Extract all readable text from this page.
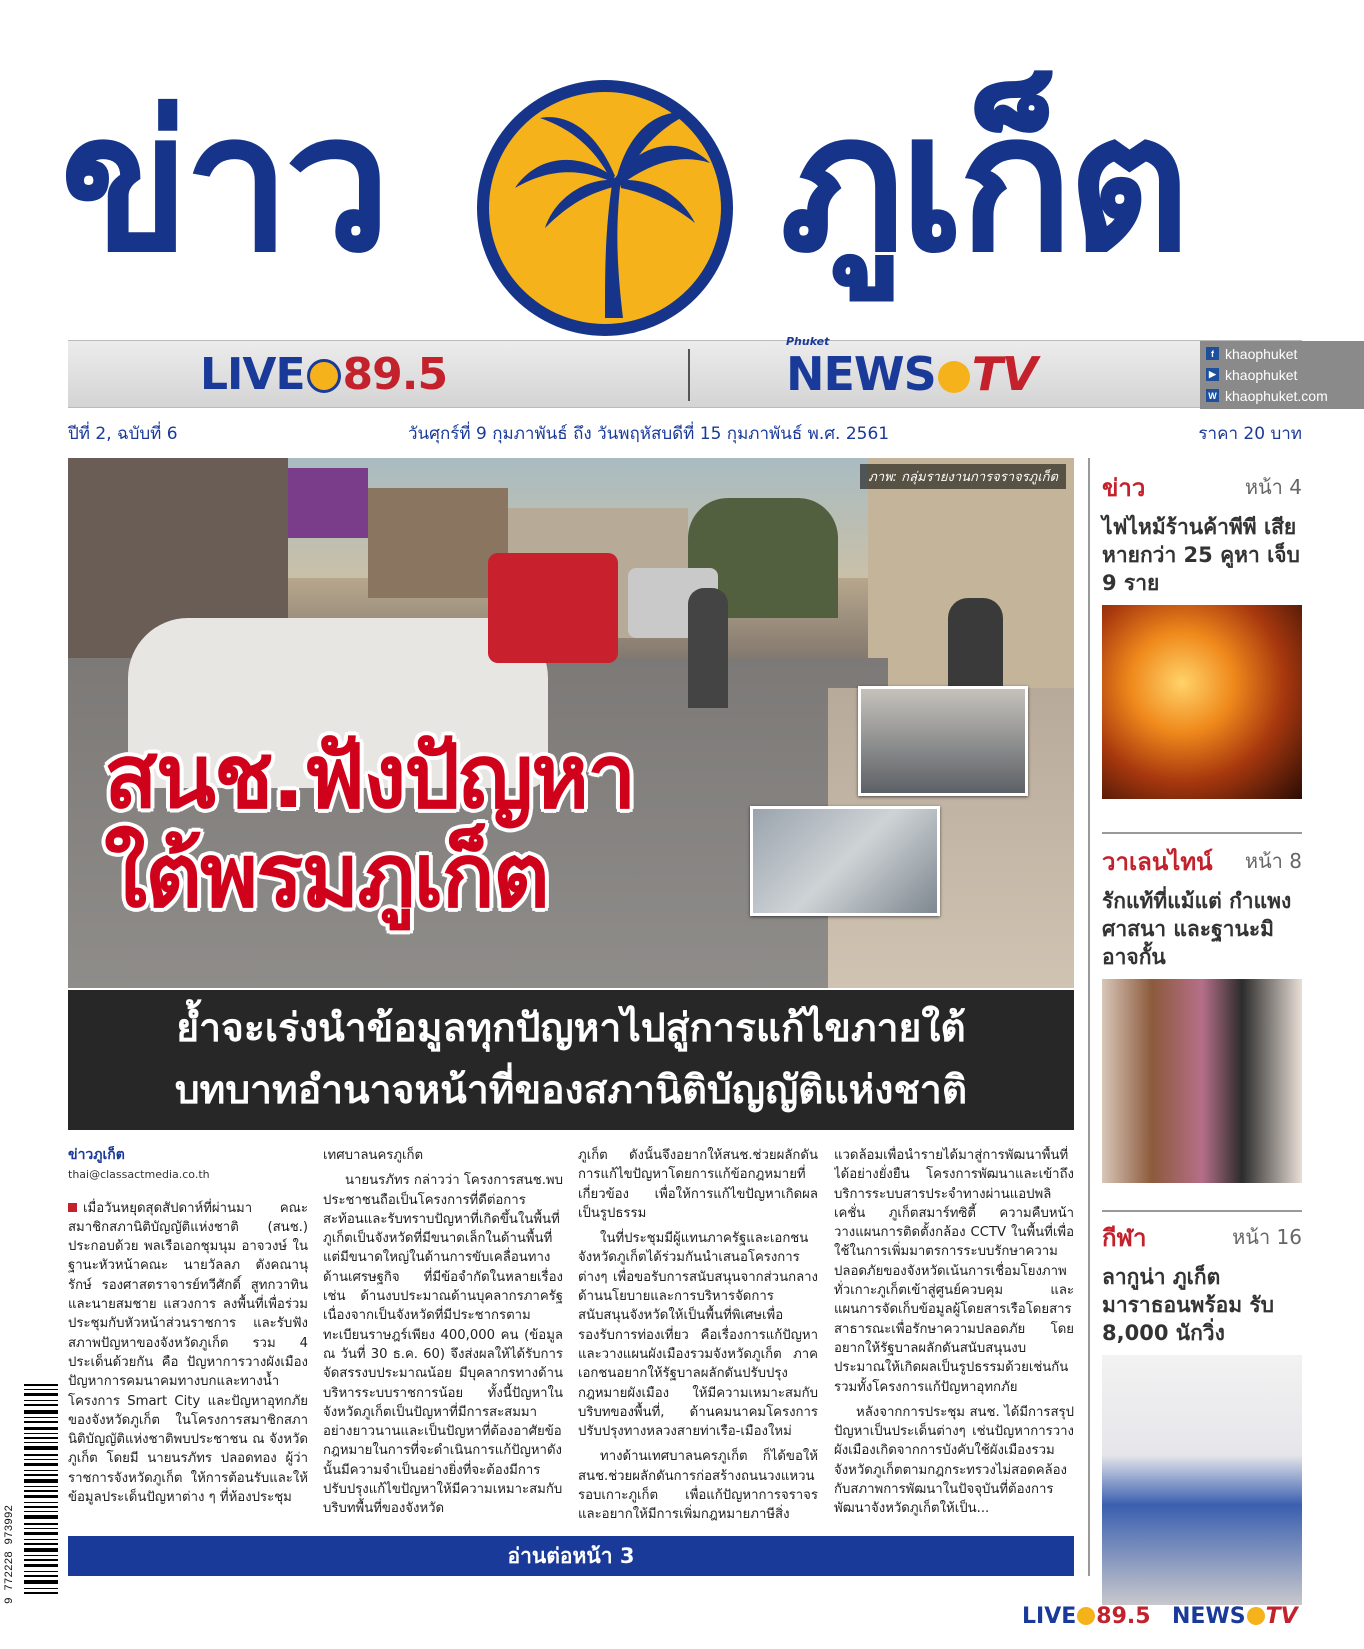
ข่าว ภูเก็ต
LIVE 89.5
Phuket
NEWS TV	f khaophuket
▶ khaophuket
W khaophuket.com
ปีที่ 2, ฉบับที่ 6	วันศุกร์ที่ 9 กุมภาพันธ์ ถึง วันพฤหัสบดีที่ 15 กุมภาพันธ์ พ.ศ. 2561	ราคา 20 บาท
ภาพ: กลุ่มรายงานการจราจรภูเก็ต
สนช.ฟังปัญหา
ใต้พรมภูเก็ต
ย้ำจะเร่งนำข้อมูลทุกปัญหาไปสู่การแก้ไขภายใต้
บทบาทอำนาจหน้าที่ของสภานิติบัญญัติแห่งชาติ
ข่าวภูเก็ต
thai@classactmedia.co.th

เมื่อวันหยุดสุดสัปดาห์ที่ผ่านมา คณะสมาชิกสภานิติบัญญัติแห่งชาติ (สนช.) ประกอบด้วย พลเรือเอกชุมนุม อาจวงษ์ ในฐานะหัวหน้าคณะ นายวัลลภ ตังคณานุรักษ์ รองศาสตราจารย์ทวีศักดิ์ สูทกวาทิน และนายสมชาย แสวงการ ลงพื้นที่เพื่อร่วมประชุมกับหัวหน้าส่วนราชการ และรับฟังสภาพปัญหาของจังหวัดภูเก็ต รวม 4 ประเด็นด้วยกัน คือ ปัญหาการวางผังเมือง ปัญหาการคมนาคมทางบกและทางน้ำ โครงการ Smart City และปัญหาอุทกภัยของจังหวัดภูเก็ต ในโครงการสมาชิกสภานิติบัญญัติแห่งชาติพบประชาชน ณ จังหวัดภูเก็ต โดยมี นายนรภัทร ปลอดทอง ผู้ว่าราชการจังหวัดภูเก็ต ให้การต้อนรับและให้ข้อมูลประเด็นปัญหาต่าง ๆ ที่ห้องประชุม

เทศบาลนครภูเก็ต

นายนรภัทร กล่าวว่า โครงการสนช.พบประชาชนถือเป็นโครงการที่ดีต่อการสะท้อนและรับทราบปัญหาที่เกิดขึ้นในพื้นที่ ภูเก็ตเป็นจังหวัดที่มีขนาดเล็กในด้านพื้นที่แต่มีขนาดใหญ่ในด้านการขับเคลื่อนทางด้านเศรษฐกิจ ที่มีข้อจำกัดในหลายเรื่อง เช่น ด้านงบประมาณด้านบุคลากรภาครัฐเนื่องจากเป็นจังหวัดที่มีประชากรตามทะเบียนราษฎร์เพียง 400,000 คน (ข้อมูล ณ วันที่ 30 ธ.ค. 60) จึงส่งผลให้ได้รับการจัดสรรงบประมาณน้อย มีบุคลากรทางด้านบริหารระบบราชการน้อย ทั้งนี้ปัญหาในจังหวัดภูเก็ตเป็นปัญหาที่มีการสะสมมาอย่างยาวนานและเป็นปัญหาที่ต้องอาศัยข้อกฎหมายในการที่จะดำเนินการแก้ปัญหาดังนั้นมีความจำเป็นอย่างยิ่งที่จะต้องมีการปรับปรุงแก้ไขปัญหาให้มีความเหมาะสมกับบริบทพื้นที่ของจังหวัด

ภูเก็ต ดังนั้นจึงอยากให้สนช.ช่วยผลักดันการแก้ไขปัญหาโดยการแก้ข้อกฎหมายที่เกี่ยวข้อง เพื่อให้การแก้ไขปัญหาเกิดผลเป็นรูปธรรม

ในที่ประชุมมีผู้แทนภาครัฐและเอกชนจังหวัดภูเก็ตได้ร่วมกันนำเสนอโครงการต่างๆ เพื่อขอรับการสนับสนุนจากส่วนกลางด้านนโยบายและการบริหารจัดการสนับสนุนจังหวัดให้เป็นพื้นที่พิเศษเพื่อรองรับการท่องเที่ยว คือเรื่องการแก้ปัญหาและวางแผนผังเมืองรวมจังหวัดภูเก็ต ภาคเอกชนอยากให้รัฐบาลผลักดันปรับปรุงกฎหมายผังเมือง ให้มีความเหมาะสมกับบริบทของพื้นที่, ด้านคมนาคมโครงการปรับปรุงทางหลวงสายท่าเรือ-เมืองใหม่

ทางด้านเทศบาลนครภูเก็ต ก็ได้ขอให้สนช.ช่วยผลักดันการก่อสร้างถนนวงแหวนรอบเกาะภูเก็ต เพื่อแก้ปัญหาการจราจรและอยากให้มีการเพิ่มกฎหมายภาษีสิ่ง

แวดล้อมเพื่อนำรายได้มาสู่การพัฒนาพื้นที่ได้อย่างยั่งยืน โครงการพัฒนาและเข้าถึงบริการระบบสารประจำทางผ่านแอปพลิเคชั่น ภูเก็ตสมาร์ทซิตี้ ความคืบหน้าวางแผนการติดตั้งกล้อง CCTV ในพื้นที่เพื่อใช้ในการเพิ่มมาตรการระบบรักษาความปลอดภัยของจังหวัดเน้นการเชื่อมโยงภาพทั่วเกาะภูเก็ตเข้าสู่ศูนย์ควบคุม และแผนการจัดเก็บข้อมูลผู้โดยสารเรือโดยสารสาธารณะเพื่อรักษาความปลอดภัย โดยอยากให้รัฐบาลผลักดันสนับสนุนงบประมาณให้เกิดผลเป็นรูปธรรมด้วยเช่นกัน รวมทั้งโครงการแก้ปัญหาอุทกภัย

หลังจากการประชุม สนช. ได้มีการสรุปปัญหาเป็นประเด็นต่างๆ เช่นปัญหาการวางผังเมืองเกิดจากการบังคับใช้ผังเมืองรวมจังหวัดภูเก็ตตามกฎกระทรวงไม่สอดคล้องกับสภาพการพัฒนาในปัจจุบันที่ต้องการพัฒนาจังหวัดภูเก็ตให้เป็น...

9 772228 973992	อ่านต่อหน้า 3
ข่าว	หน้า 4
ไฟไหม้ร้านค้าพีพี เสียหายกว่า 25 คูหา เจ็บ 9 ราย
วาเลนไทน์ หน้า 8
รักแท้ที่แม้แต่ กำแพงศาสนา และฐานะมิอาจกั้น
กีฬา	หน้า 16
ลากูน่า ภูเก็ต มาราธอนพร้อม รับ 8,000 นักวิ่ง
LIVE 89.5 NEWS TV
